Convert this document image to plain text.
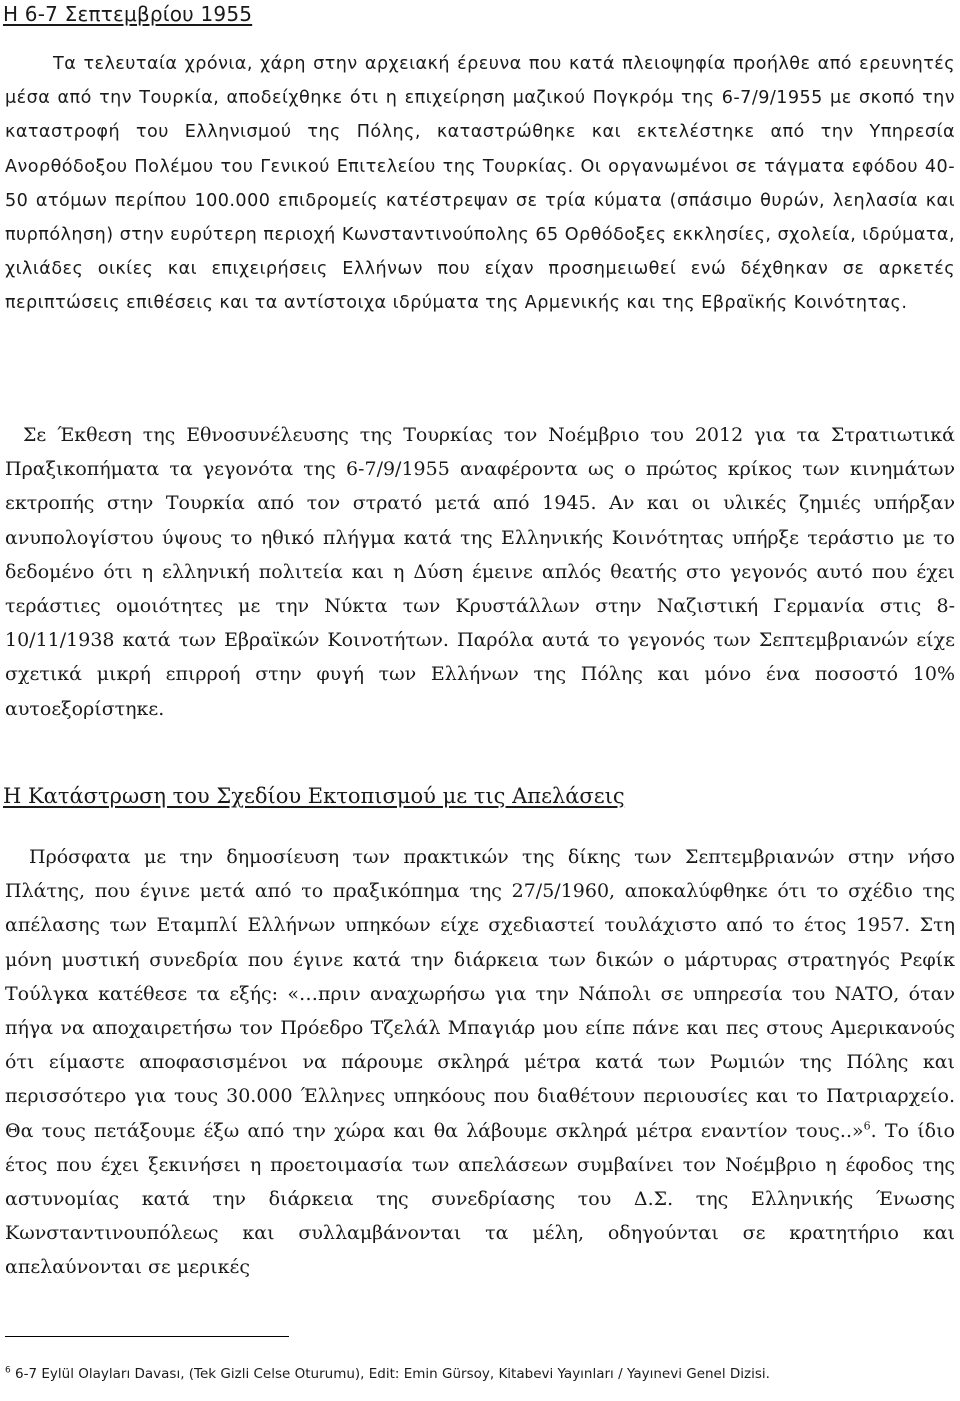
Η 6-7 Σεπτεμβρίου 1955

Τα τελευταία χρόνια, χάρη στην αρχειακή έρευνα που κατά πλειοψηφία προήλθε από ερευνητές μέσα από την Τουρκία, αποδείχθηκε ότι η επιχείρηση μαζικού Πογκρόμ της 6-7/9/1955 με σκοπό την καταστροφή του Ελληνισμού της Πόλης, καταστρώθηκε και εκτελέστηκε από την Υπηρεσία Ανορθόδοξου Πολέμου του Γενικού Επιτελείου της Τουρκίας. Οι οργανωμένοι σε τάγματα εφόδου 40-50 ατόμων περίπου 100.000 επιδρομείς κατέστρεψαν σε τρία κύματα (σπάσιμο θυρών, λεηλασία και πυρπόληση) στην ευρύτερη περιοχή Κωνσταντινούπολης 65 Ορθόδοξες εκκλησίες, σχολεία, ιδρύματα, χιλιάδες οικίες και επιχειρήσεις Ελλήνων που είχαν προσημειωθεί ενώ δέχθηκαν σε αρκετές περιπτώσεις επιθέσεις και τα αντίστοιχα ιδρύματα της Αρμενικής και της Εβραϊκής Κοινότητας.

Σε Έκθεση της Εθνοσυνέλευσης της Τουρκίας τον Νοέμβριο του 2012 για τα Στρατιωτικά Πραξικοπήματα τα γεγονότα της 6-7/9/1955 αναφέροντα ως ο πρώτος κρίκος των κινημάτων εκτροπής στην Τουρκία από τον στρατό μετά από 1945. Αν και οι υλικές ζημιές υπήρξαν ανυπολογίστου ύψους το ηθικό πλήγμα κατά της Ελληνικής Κοινότητας υπήρξε τεράστιο με το δεδομένο ότι η ελληνική πολιτεία και η Δύση έμεινε απλός θεατής στο γεγονός αυτό που έχει τεράστιες ομοιότητες με την Νύκτα των Κρυστάλλων στην Ναζιστική Γερμανία στις 8-10/11/1938 κατά των Εβραϊκών Κοινοτήτων. Παρόλα αυτά το γεγονός των Σεπτεμβριανών είχε σχετικά μικρή επιρροή στην φυγή των Ελλήνων της Πόλης και μόνο ένα ποσοστό 10% αυτοεξορίστηκε.

Η Κατάστρωση του Σχεδίου Εκτοπισμού με τις Απελάσεις

Πρόσφατα με την δημοσίευση των πρακτικών της δίκης των Σεπτεμβριανών στην νήσο Πλάτης, που έγινε μετά από το πραξικόπημα της 27/5/1960, αποκαλύφθηκε ότι το σχέδιο της απέλασης των Εταμπλί Ελλήνων υπηκόων είχε σχεδιαστεί τουλάχιστο από το έτος 1957. Στη μόνη μυστική συνεδρία που έγινε κατά την διάρκεια των δικών ο μάρτυρας στρατηγός Ρεφίκ Τούλγκα κατέθεσε τα εξής: «…πριν αναχωρήσω για την Νάπολι σε υπηρεσία του ΝΑΤΟ, όταν πήγα να αποχαιρετήσω τον Πρόεδρο Τζελάλ Μπαγιάρ μου είπε πάνε και πες στους Αμερικανούς ότι είμαστε αποφασισμένοι να πάρουμε σκληρά μέτρα κατά των Ρωμιών της Πόλης και περισσότερο για τους 30.000 Έλληνες υπηκόους που διαθέτουν περιουσίες και το Πατριαρχείο. Θα τους πετάξουμε έξω από την χώρα και θα λάβουμε σκληρά μέτρα εναντίον τους..»$^6$. Το ίδιο έτος που έχει ξεκινήσει η προετοιμασία των απελάσεων συμβαίνει τον Νοέμβριο η έφοδος της αστυνομίας κατά την διάρκεια της συνεδρίασης του Δ.Σ. της Ελληνικής Ένωσης Κωνσταντινουπόλεως και συλλαμβάνονται τα μέλη, οδηγούνται σε κρατητήριο και απελαύνονται σε μερικές

$^6$ 6-7 Eylül Olayları Davası, (Tek Gizli Celse Oturumu), Edit: Emin Gürsoy, Kitabevi Yayınları / Yayınevi Genel Dizisi.
